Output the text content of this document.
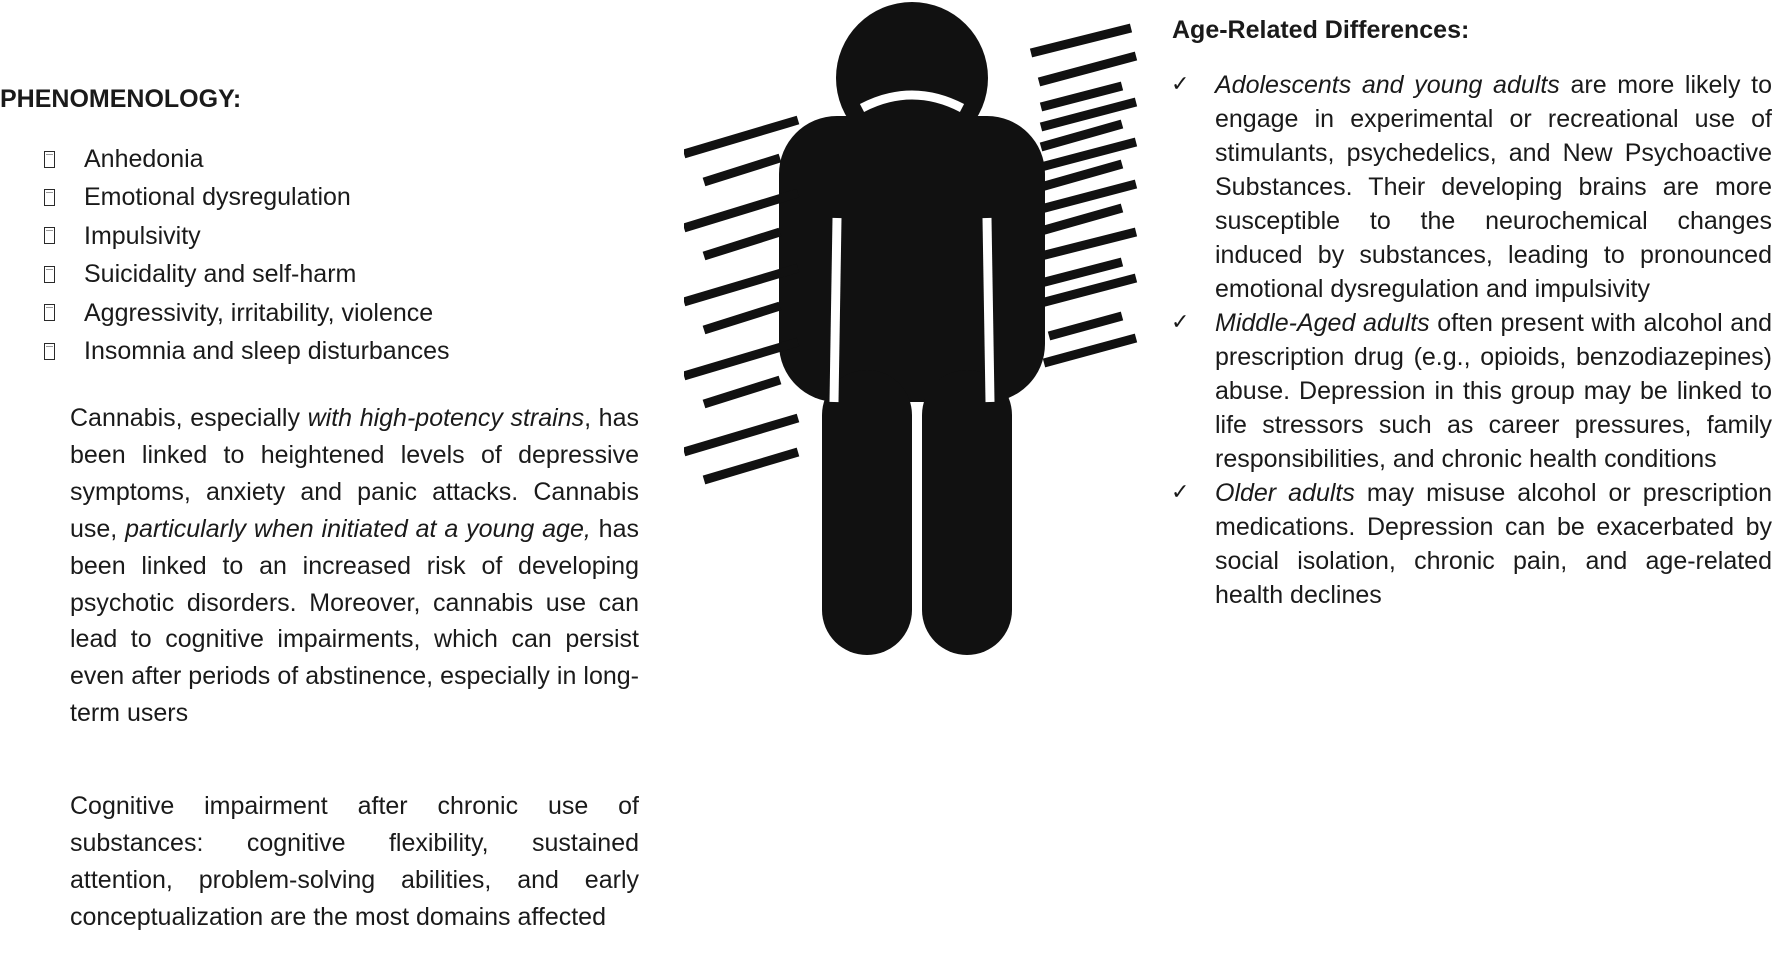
PHENOMENOLOGY:
Anhedonia
Emotional dysregulation
Impulsivity
Suicidality and self-harm
Aggressivity, irritability, violence
Insomnia and sleep disturbances

Cannabis, especially with high-potency strains, has been linked to heightened levels of depressive symptoms, anxiety and panic attacks. Cannabis use, particularly when initiated at a young age, has been linked to an increased risk of developing psychotic disorders. Moreover, cannabis use can lead to cognitive impairments, which can persist even after periods of abstinence, especially in long-term users

Cognitive impairment after chronic use of substances: cognitive flexibility, sustained attention, problem-solving abilities, and early conceptualization are the most domains affected

Age-Related Differences:
✓ Adolescents and young adults are more likely to engage in experimental or recreational use of stimulants, psychedelics, and New Psychoactive Substances. Their developing brains are more susceptible to the neurochemical changes induced by substances, leading to pronounced emotional dysregulation and impulsivity
✓ Middle-Aged adults often present with alcohol and prescription drug (e.g., opioids, benzodiazepines) abuse. Depression in this group may be linked to life stressors such as career pressures, family responsibilities, and chronic health conditions
✓ Older adults may misuse alcohol or prescription medications. Depression can be exacerbated by social isolation, chronic pain, and age-related health declines
